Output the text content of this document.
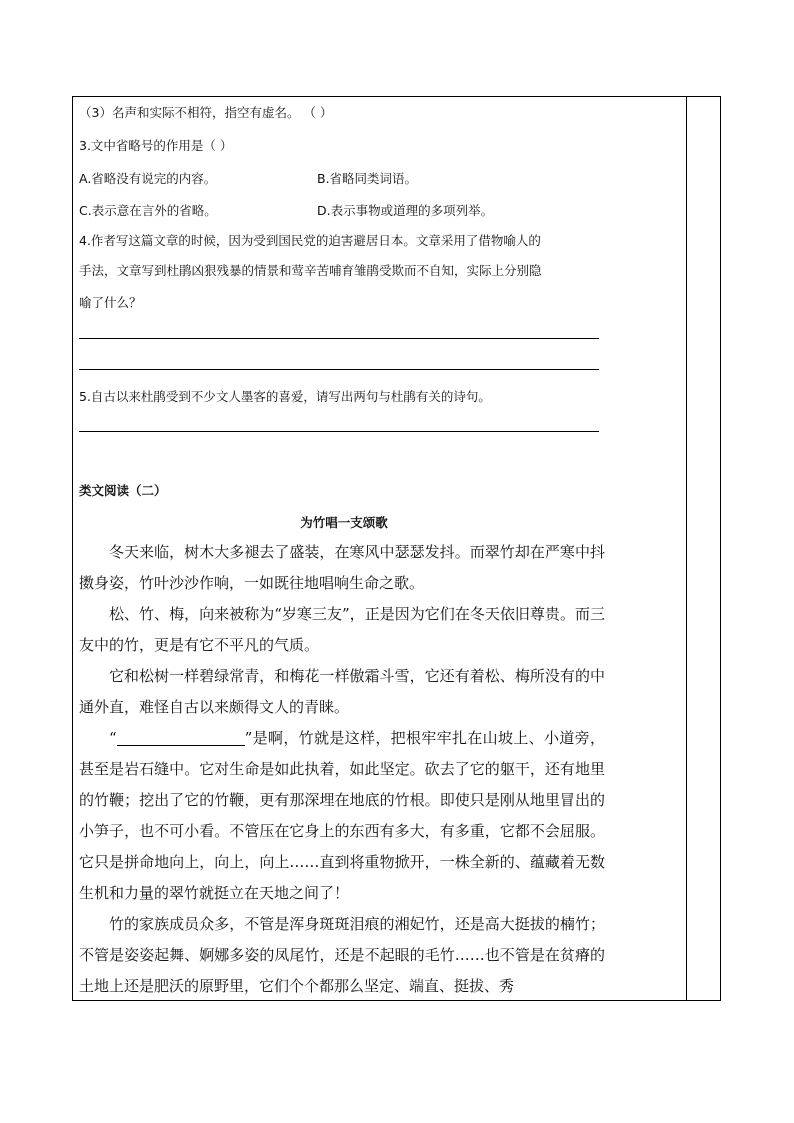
（3）名声和实际不相符，指空有虚名。 （ ）
3.文中省略号的作用是（ ）
A.省略没有说完的内容。	B.省略同类词语。
C.表示意在言外的省略。	D.表示事物或道理的多项列举。
4.作者写这篇文章的时候，因为受到国民党的迫害避居日本。文章采用了借物喻人的
手法，文章写到杜鹃凶狠残暴的情景和莺辛苦哺育雏鹃受欺而不自知，实际上分别隐
喻了什么？
5.自古以来杜鹃受到不少文人墨客的喜爱，请写出两句与杜鹃有关的诗句。
类文阅读（二）
为竹唱一支颂歌

冬天来临，树木大多褪去了盛装，在寒风中瑟瑟发抖。而翠竹却在严寒中抖擞身姿，竹叶沙沙作响，一如既往地唱响生命之歌。

松、竹、梅，向来被称为“岁寒三友”，正是因为它们在冬天依旧尊贵。而三友中的竹，更是有它不平凡的气质。

它和松树一样碧绿常青，和梅花一样傲霜斗雪，它还有着松、梅所没有的中通外直，难怪自古以来颇得文人的青睐。

“	”是啊，竹就是这样，把根牢牢扎在山坡上、小道旁，甚至是岩石缝中。它对生命是如此执着，如此坚定。砍去了它的躯干，还有地里的竹鞭；挖出了它的竹鞭，更有那深埋在地底的竹根。即使只是刚从地里冒出的小笋子，也不可小看。不管压在它身上的东西有多大，有多重，它都不会屈服。它只是拼命地向上，向上，向上……直到将重物掀开，一株全新的、蕴藏着无数生机和力量的翠竹就挺立在天地之间了！

竹的家族成员众多，不管是浑身斑斑泪痕的湘妃竹，还是高大挺拔的楠竹；不管是姿姿起舞、婀娜多姿的凤尾竹，还是不起眼的毛竹……也不管是在贫瘠的土地上还是肥沃的原野里，它们个个都那么坚定、端直、挺拔、秀
